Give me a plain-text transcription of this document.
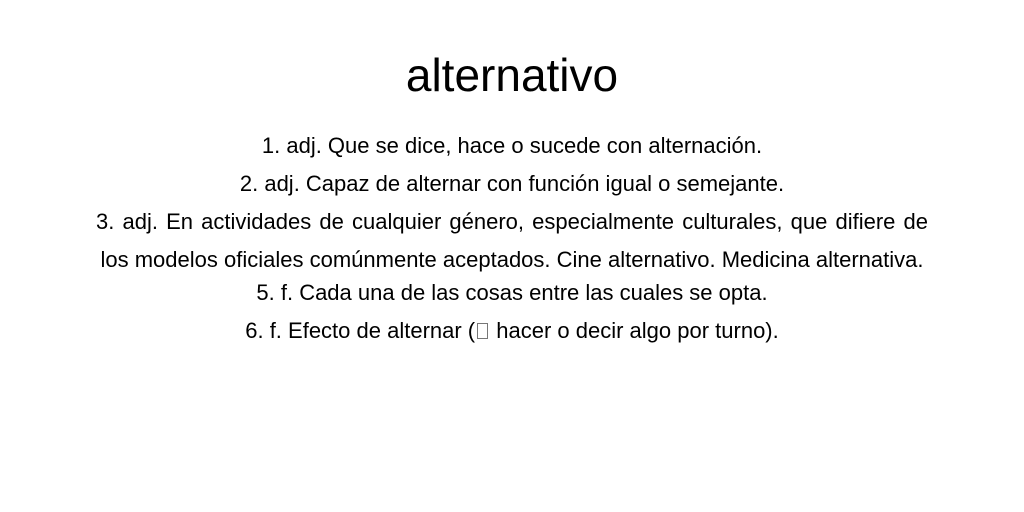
alternativo
1. adj. Que se dice, hace o sucede con alternación.
2. adj. Capaz de alternar con función igual o semejante.
3. adj. En actividades de cualquier género, especialmente culturales, que difiere de los modelos oficiales comúnmente aceptados. Cine alternativo. Medicina alternativa.
5. f. Cada una de las cosas entre las cuales se opta.
6. f. Efecto de alternar ( hacer o decir algo por turno).
